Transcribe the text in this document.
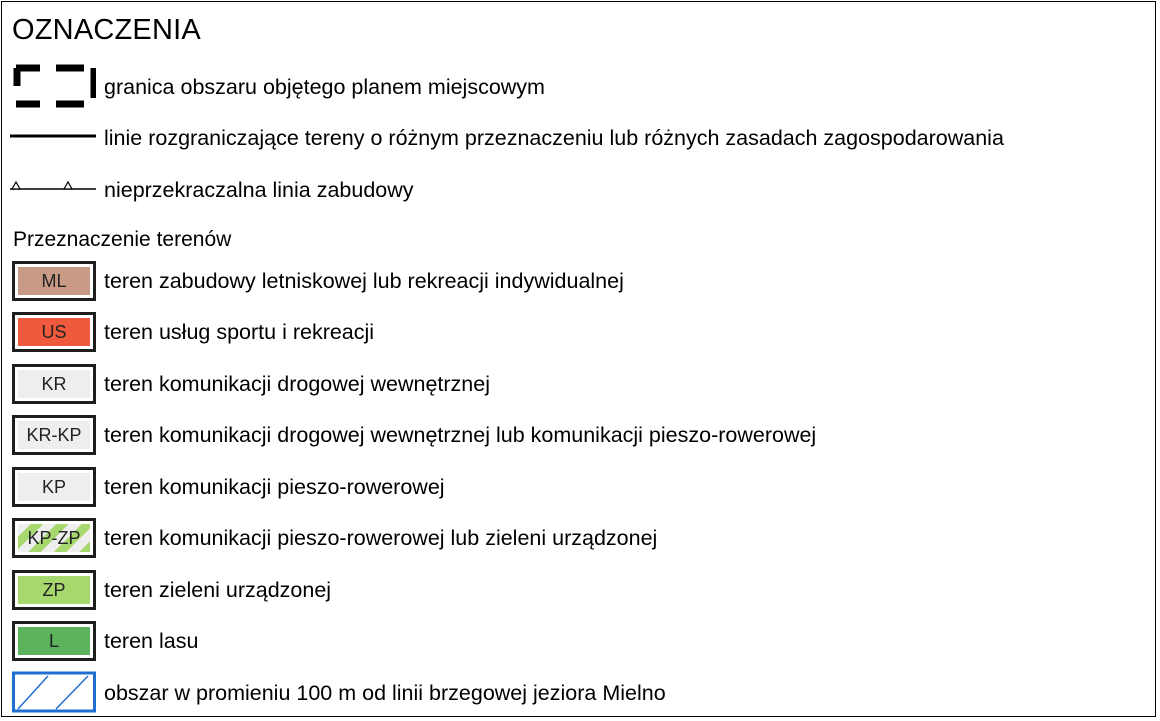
OZNACZENIA
granica obszaru objętego planem miejscowym
linie rozgraniczające tereny o różnym przeznaczeniu lub różnych zasadach zagospodarowania
nieprzekraczalna linia zabudowy
Przeznaczenie terenów
ML teren zabudowy letniskowej lub rekreacji indywidualnej
US teren usług sportu i rekreacji
KR teren komunikacji drogowej wewnętrznej
KR-KP teren komunikacji drogowej wewnętrznej lub komunikacji pieszo-rowerowej
KP teren komunikacji pieszo-rowerowej
KP-ZP teren komunikacji pieszo-rowerowej lub zieleni urządzonej
ZP teren zieleni urządzonej
L teren lasu
obszar w promieniu 100 m od linii brzegowej jeziora Mielno
